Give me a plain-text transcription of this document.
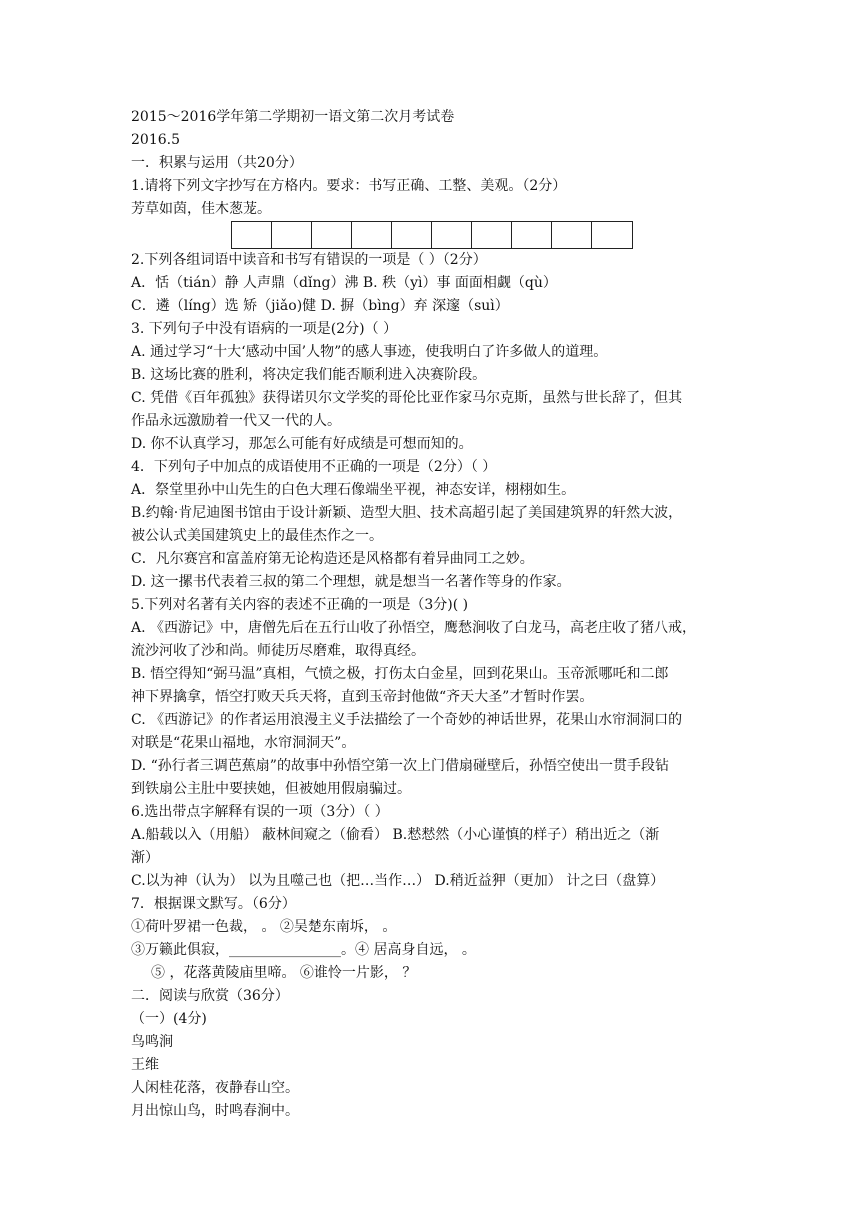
2015～2016学年第二学期初一语文第二次月考试卷
2016.5
一．积累与运用（共20分）
1.请将下列文字抄写在方格内。要求：书写正确、工整、美观。（2分）
芳草如茵，佳木葱茏。
2.下列各组词语中读音和书写有错误的一项是（ ）（2分）
A．恬（tián）静 人声鼎（dǐng）沸 B. 秩（yì）事 面面相觑（qù）
C．遴（líng）选 矫（jiǎo)健 D. 摒（bìng）弃 深邃（suì）
3. 下列句子中没有语病的一项是(2分)（ ）
A. 通过学习“十大‘感动中国’人物”的感人事迹，使我明白了许多做人的道理。
B. 这场比赛的胜利，将决定我们能否顺利进入决赛阶段。
C. 凭借《百年孤独》获得诺贝尔文学奖的哥伦比亚作家马尔克斯，虽然与世长辞了，但其
作品永远激励着一代又一代的人。
D. 你不认真学习，那怎么可能有好成绩是可想而知的。
4．下列句子中加点的成语使用不正确的一项是（2分）（ ）
A．祭堂里孙中山先生的白色大理石像端坐平视，神态安详，栩栩如生。
B.约翰·肯尼迪图书馆由于设计新颖、造型大胆、技术高超引起了美国建筑界的轩然大波，
被公认式美国建筑史上的最佳杰作之一。
C．凡尔赛宫和富盖府第无论构造还是风格都有着异曲同工之妙。
D. 这一摞书代表着三叔的第二个理想，就是想当一名著作等身的作家。
5.下列对名著有关内容的表述不正确的一项是（3分)( )
A. 《西游记》中，唐僧先后在五行山收了孙悟空，鹰愁涧收了白龙马，高老庄收了猪八戒，
流沙河收了沙和尚。师徒历尽磨难，取得真经。
B. 悟空得知“弼马温”真相，气愤之极，打伤太白金星，回到花果山。玉帝派哪吒和二郎
神下界擒拿，悟空打败天兵天将，直到玉帝封他做“齐天大圣”才暂时作罢。
C. 《西游记》的作者运用浪漫主义手法描绘了一个奇妙的神话世界，花果山水帘洞洞口的
对联是“花果山福地，水帘洞洞天”。
D. “孙行者三调芭蕉扇”的故事中孙悟空第一次上门借扇碰壁后，孙悟空使出一贯手段钻
到铁扇公主肚中要挟她，但被她用假扇骗过。
6.选出带点字解释有误的一项（3分）（ ）
A.船载以入（用船） 蔽林间窥之（偷看） B.慭慭然（小心谨慎的样子）稍出近之（渐
渐）
C.以为神（认为） 以为且噬己也（把…当作…） D.稍近益狎（更加） 计之曰（盘算）
7．根据课文默写。（6分）
①荷叶罗裙一色裁， 。 ②吴楚东南坼， 。
③万籁此俱寂，________________。④ 居高身自远， 。
⑤ ，花落黄陵庙里啼。 ⑥谁怜一片影， ？
二．阅读与欣赏（36分）
（一）(4分)
鸟鸣涧
王维
人闲桂花落，夜静春山空。
月出惊山鸟，时鸣春涧中。
